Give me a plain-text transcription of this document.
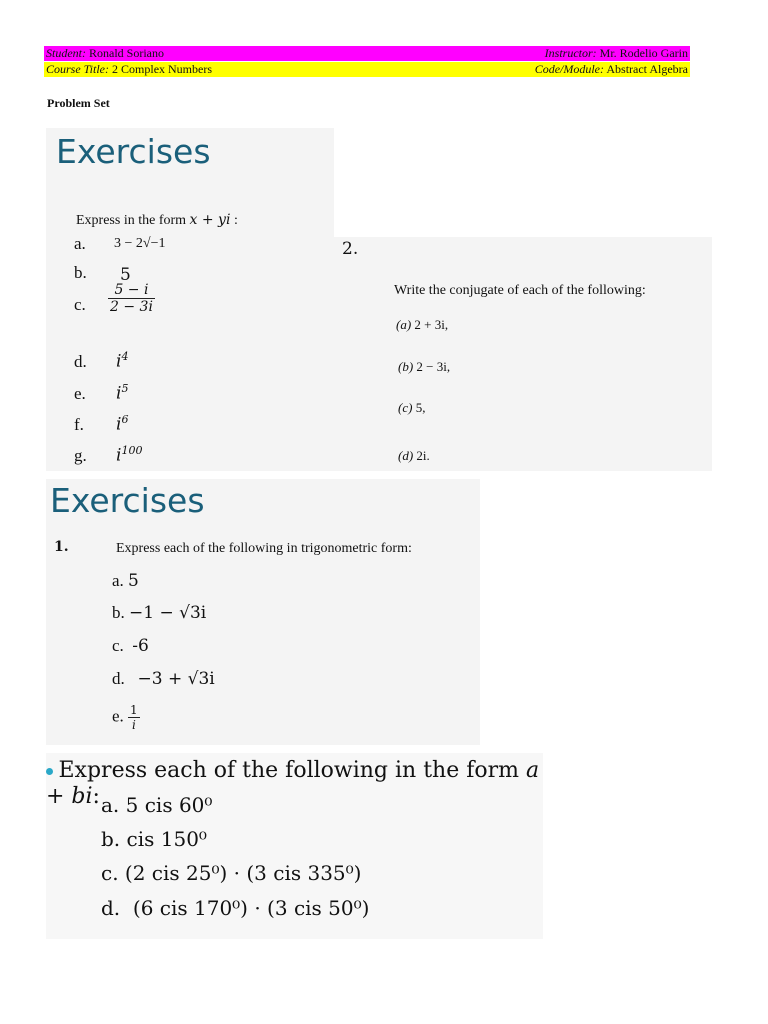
Student: Ronald Soriano	Instructor: Mr. Rodelio Garin
Course Title: 2 Complex Numbers	Code/Module: Abstract Algebra
Problem Set
Exercises
Express in the form x + yi :
a. 3 − 2√−1
b. 5
c. $\frac{5 - i}{2 - 3i}$
d. $i^4$
e. $i^5$
f. $i^6$
g. $i^{100}$
2.
Write the conjugate of each of the following:
(a) 2 + 3i,
(b) 2 − 3i,
(c) 5,
(d) 2i.
Exercises
1.	Express each of the following in trigonometric form:
a. 5
b. −1 − √3i
c. -6
d. −3 + √3i
e. $\frac{1}{i}$
Express each of the following in the form a + bi: a. 5 cis 60⁰
b. cis 150⁰
c. (2 cis 25⁰) · (3 cis 335⁰)
d. (6 cis 170⁰) · (3 cis 50⁰)
